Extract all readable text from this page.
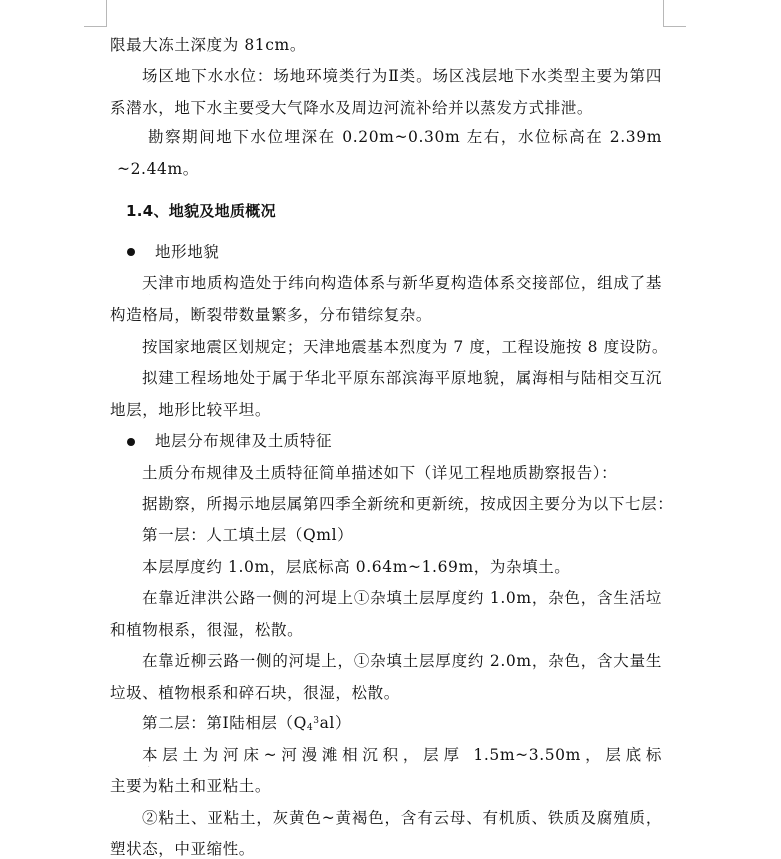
限最大冻土深度为 81cm。
场区地下水水位：场地环境类行为Ⅱ类。场区浅层地下水类型主要为第四
系潜水，地下水主要受大气降水及周边河流补给并以蒸发方式排泄。
勘察期间地下水位埋深在 0.20m~0.30m 左右，水位标高在 2.39m
~2.44m。
1.4、地貌及地质概况
地形地貌
天津市地质构造处于纬向构造体系与新华夏构造体系交接部位，组成了基
构造格局，断裂带数量繁多，分布错综复杂。
按国家地震区划规定；天津地震基本烈度为 7 度，工程设施按 8 度设防。
拟建工程场地处于属于华北平原东部滨海平原地貌，属海相与陆相交互沉
地层，地形比较平坦。
地层分布规律及土质特征
土质分布规律及土质特征简单描述如下（详见工程地质勘察报告）：
据勘察，所揭示地层属第四季全新统和更新统，按成因主要分为以下七层：
第一层：人工填土层（Qml）
本层厚度约 1.0m，层底标高 0.64m~1.69m，为杂填土。
在靠近津洪公路一侧的河堤上①杂填土层厚度约 1.0m，杂色，含生活垃
和植物根系，很湿，松散。
在靠近柳云路一侧的河堤上，①杂填土层厚度约 2.0m，杂色，含大量生
垃圾、植物根系和碎石块，很湿，松散。
第二层：第Ⅰ陆相层$(Q_4^3al)$
本层土为河床~河漫滩相沉积，层厚 1.5m~3.50m，层底标
主要为粘土和亚粘土。
②粘土、亚粘土，灰黄色~黄褐色，含有云母、有机质、铁质及腐殖质，
塑状态，中亚缩性。
